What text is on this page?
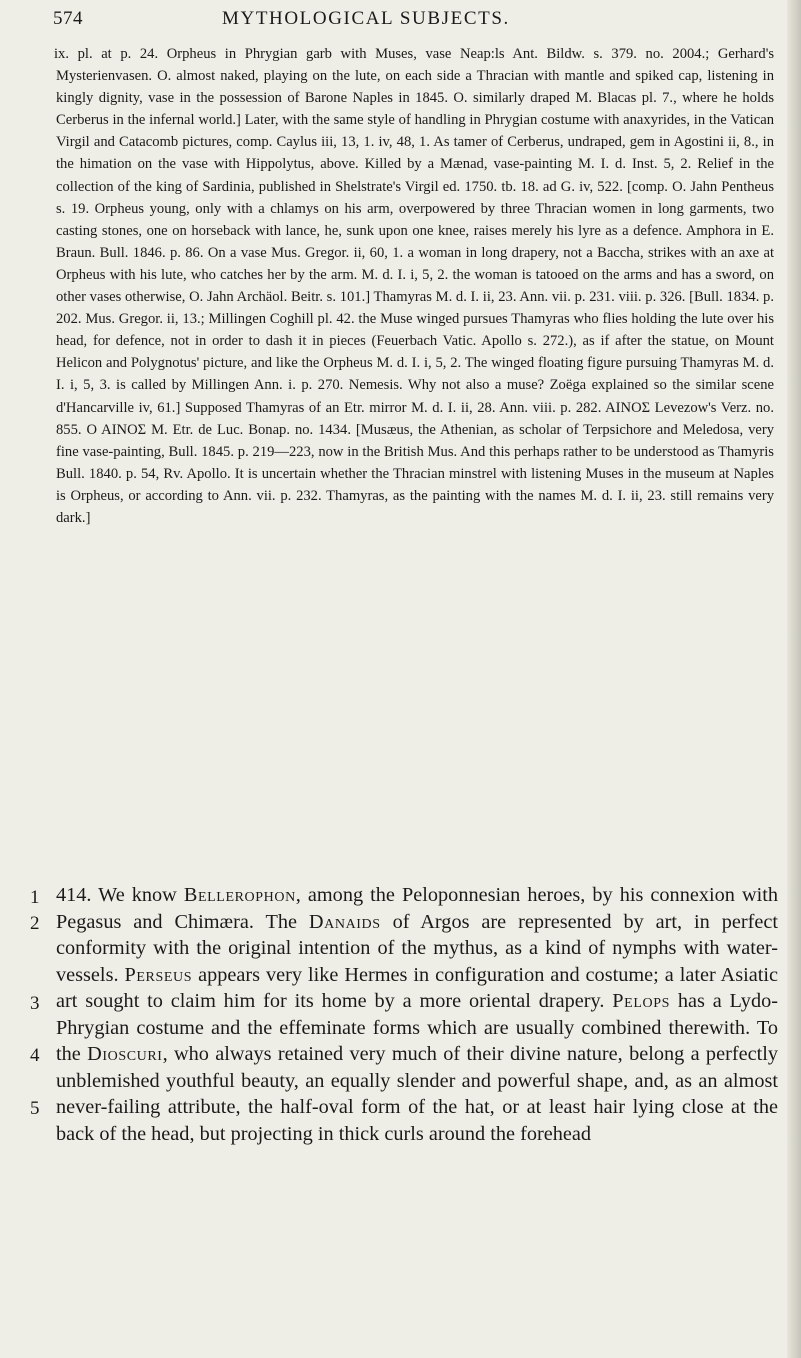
574	MYTHOLOGICAL SUBJECTS.

ix. pl. at p. 24. Orpheus in Phrygian garb with Muses, vase Neap:ls Ant. Bildw. s. 379. no. 2004.; Gerhard's Mysterienvasen. O. almost naked, playing on the lute, on each side a Thracian with mantle and spiked cap, listening in kingly dignity, vase in the possession of Barone Naples in 1845. O. similarly draped M. Blacas pl. 7., where he holds Cerberus in the infernal world.] Later, with the same style of handling in Phrygian costume with anaxyrides, in the Vatican Virgil and Catacomb pictures, comp. Caylus iii, 13, 1. iv, 48, 1. As tamer of Cerberus, undraped, gem in Agostini ii, 8., in the himation on the vase with Hippolytus, above. Killed by a Mænad, vase-painting M. I. d. Inst. 5, 2. Relief in the collection of the king of Sardinia, published in Shelstrate's Virgil ed. 1750. tb. 18. ad G. iv, 522. [comp. O. Jahn Pentheus s. 19. Orpheus young, only with a chlamys on his arm, overpowered by three Thracian women in long garments, two casting stones, one on horseback with lance, he, sunk upon one knee, raises merely his lyre as a defence. Amphora in E. Braun. Bull. 1846. p. 86. On a vase Mus. Gregor. ii, 60, 1. a woman in long drapery, not a Baccha, strikes with an axe at Orpheus with his lute, who catches her by the arm. M. d. I. i, 5, 2. the woman is tatooed on the arms and has a sword, on other vases otherwise, O. Jahn Archäol. Beitr. s. 101.] Thamyras M. d. I. ii, 23. Ann. vii. p. 231. viii. p. 326. [Bull. 1834. p. 202. Mus. Gregor. ii, 13.; Millingen Coghill pl. 42. the Muse winged pursues Thamyras who flies holding the lute over his head, for defence, not in order to dash it in pieces (Feuerbach Vatic. Apollo s. 272.), as if after the statue, on Mount Helicon and Polygnotus' picture, and like the Orpheus M. d. I. i, 5, 2. The winged floating figure pursuing Thamyras M. d. I. i, 5, 3. is called by Millingen Ann. i. p. 270. Nemesis. Why not also a muse? Zoëga explained so the similar scene d'Hancarville iv, 61.] Supposed Thamyras of an Etr. mirror M. d. I. ii, 28. Ann. viii. p. 282. AINOΣ Levezow's Verz. no. 855. O AINOΣ M. Etr. de Luc. Bonap. no. 1434. [Musæus, the Athenian, as scholar of Terpsichore and Meledosa, very fine vase-painting, Bull. 1845. p. 219—223, now in the British Mus. And this perhaps rather to be understood as Thamyris Bull. 1840. p. 54, Rv. Apollo. It is uncertain whether the Thracian minstrel with listening Muses in the museum at Naples is Orpheus, or according to Ann. vii. p. 232. Thamyras, as the painting with the names M. d. I. ii, 23. still remains very dark.]

1
2
3
4
5

414. We know Bellerophon, among the Peloponnesian heroes, by his connexion with Pegasus and Chimæra. The Danaids of Argos are represented by art, in perfect conformity with the original intention of the mythus, as a kind of nymphs with water-vessels. Perseus appears very like Hermes in configuration and costume; a later Asiatic art sought to claim him for its home by a more oriental drapery. Pelops has a Lydo-Phrygian costume and the effeminate forms which are usually combined therewith. To the Dioscuri, who always retained very much of their divine nature, belong a perfectly unblemished youthful beauty, an equally slender and powerful shape, and, as an almost never-failing attribute, the half-oval form of the hat, or at least hair lying close at the back of the head, but projecting in thick curls around the forehead
